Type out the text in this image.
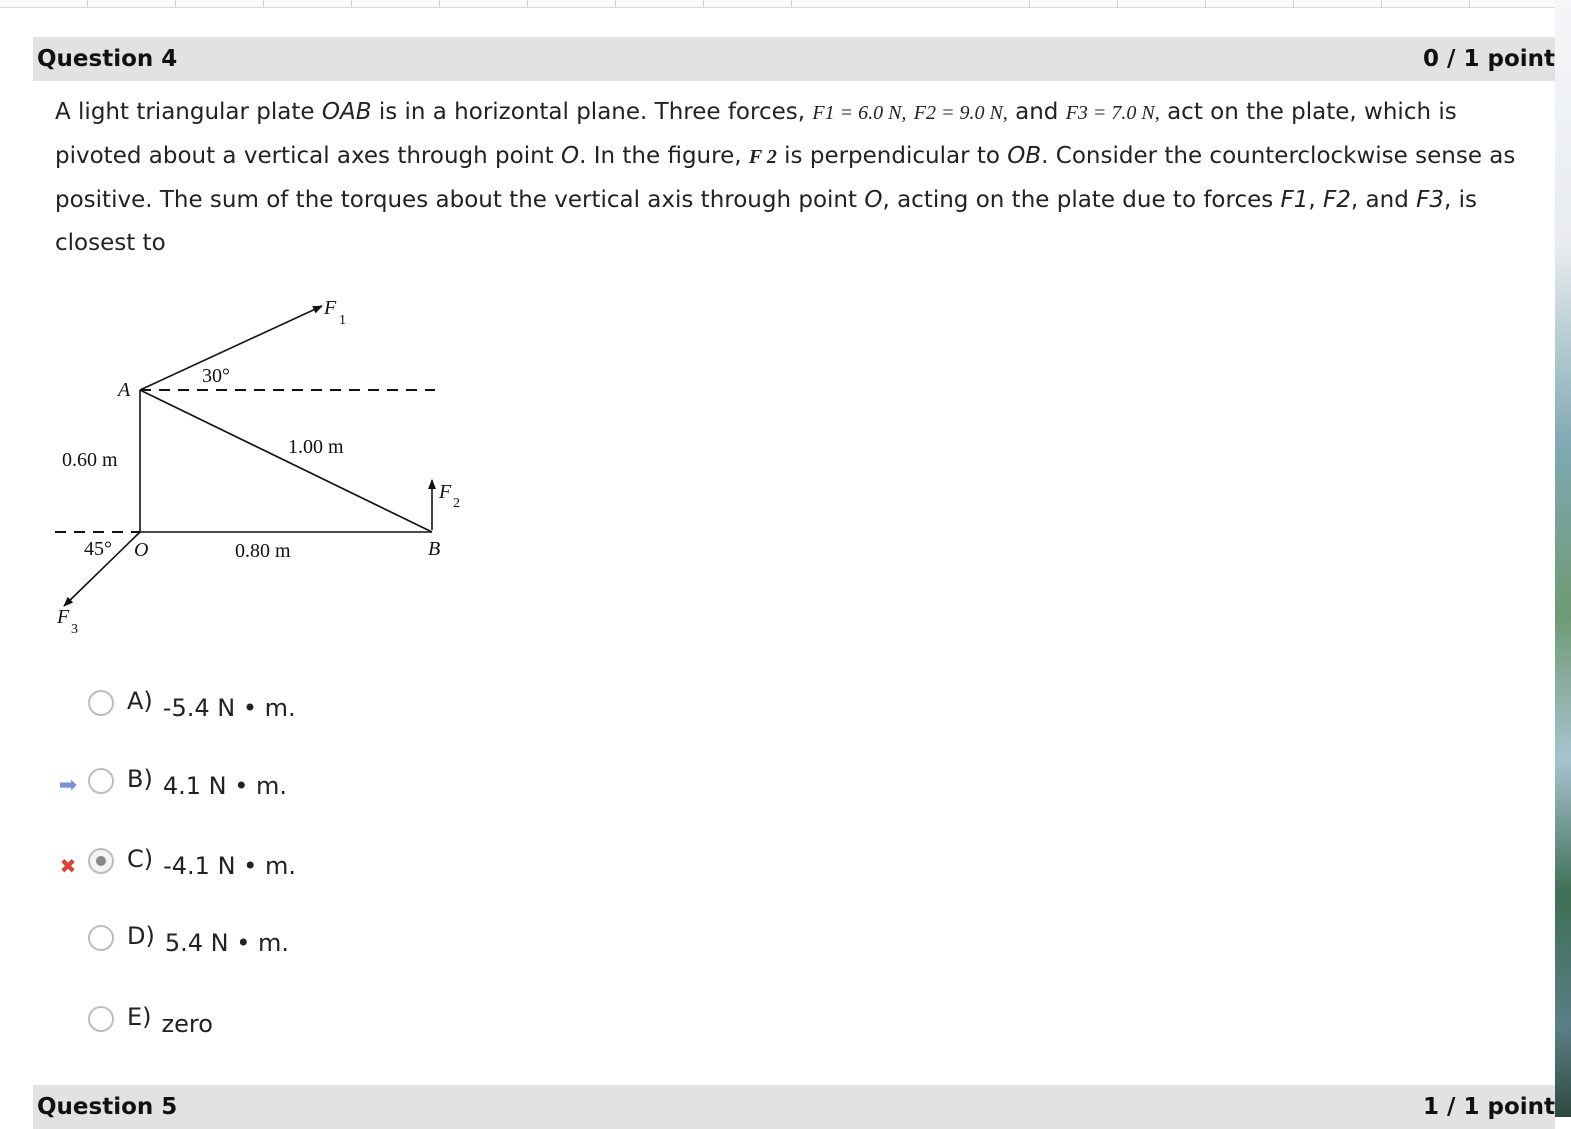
Question 4	0 / 1 point
A light triangular plate OAB is in a horizontal plane. Three forces, F1 = 6.0 N, F2 = 9.0 N, and F3 = 7.0 N, act on the plate, which is pivoted about a vertical axes through point O. In the figure, F 2 is perpendicular to OB. Consider the counterclockwise sense as positive. The sum of the torques about the vertical axis through point O, acting on the plate due to forces F1, F2, and F3, is closest to
F
1
F
2
F
3
30°
45°
A
O	B
0.60 m
1.00 m
0.80 m
A) -5.4 N • m.
➡ B) 4.1 N • m.
✖ C) -4.1 N • m.
D) 5.4 N • m.
E) zero
Question 5	1 / 1 point
